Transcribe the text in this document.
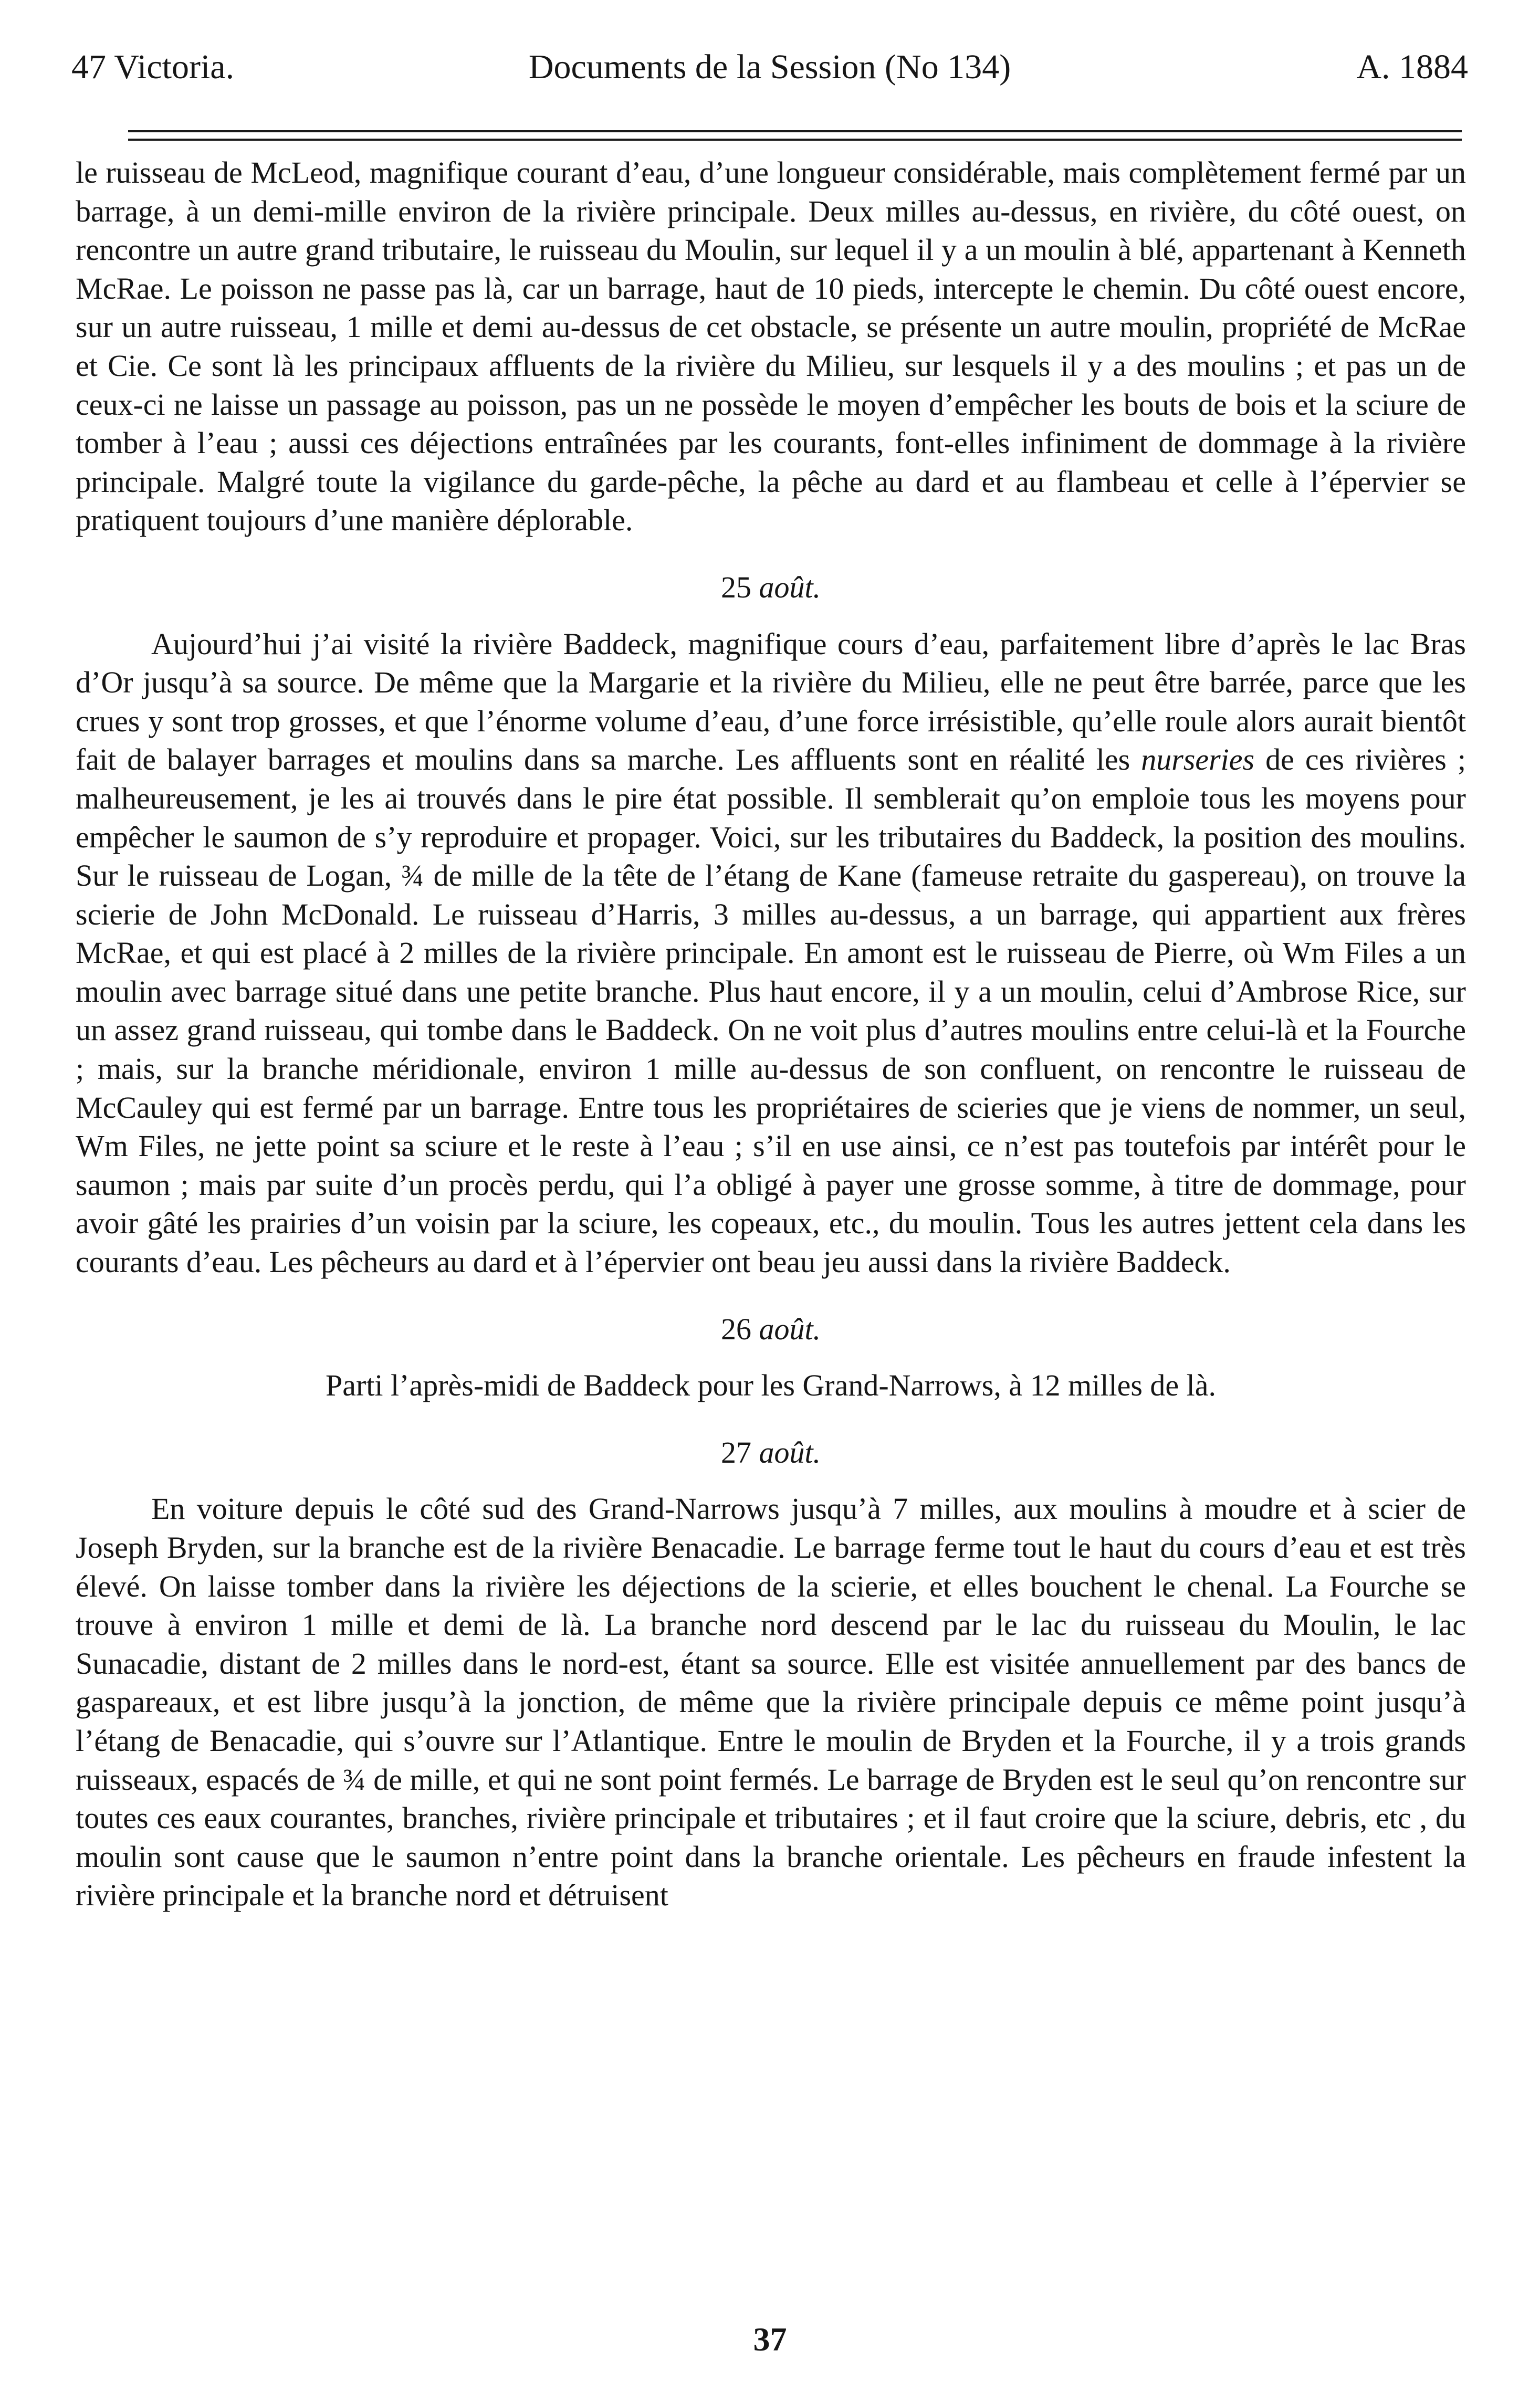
47 Victoria.	Documents de la Session (No 134)	A. 1884

le ruisseau de McLeod, magnifique courant d’eau, d’une longueur considérable, mais complètement fermé par un barrage, à un demi-mille environ de la rivière principale. Deux milles au-dessus, en rivière, du côté ouest, on rencontre un autre grand tributaire, le ruisseau du Moulin, sur lequel il y a un moulin à blé, appartenant à Kenneth McRae. Le poisson ne passe pas là, car un barrage, haut de 10 pieds, intercepte le chemin. Du côté ouest encore, sur un autre ruisseau, 1 mille et demi au-dessus de cet obstacle, se présente un autre moulin, propriété de McRae et Cie. Ce sont là les principaux affluents de la rivière du Milieu, sur lesquels il y a des moulins ; et pas un de ceux-ci ne laisse un passage au poisson, pas un ne possède le moyen d’empêcher les bouts de bois et la sciure de tomber à l’eau ; aussi ces déjections entraînées par les courants, font-elles infiniment de dommage à la rivière principale. Malgré toute la vigilance du garde-pêche, la pêche au dard et au flambeau et celle à l’épervier se pratiquent toujours d’une manière déplorable.

25 août.

Aujourd’hui j’ai visité la rivière Baddeck, magnifique cours d’eau, parfaitement libre d’après le lac Bras d’Or jusqu’à sa source. De même que la Margarie et la rivière du Milieu, elle ne peut être barrée, parce que les crues y sont trop grosses, et que l’énorme volume d’eau, d’une force irrésistible, qu’elle roule alors aurait bientôt fait de balayer barrages et moulins dans sa marche. Les affluents sont en réalité les nurseries de ces rivières ; malheureusement, je les ai trouvés dans le pire état possible. Il semblerait qu’on emploie tous les moyens pour empêcher le saumon de s’y reproduire et propager. Voici, sur les tributaires du Baddeck, la position des moulins. Sur le ruisseau de Logan, ¾ de mille de la tête de l’étang de Kane (fameuse retraite du gaspereau), on trouve la scierie de John McDonald. Le ruisseau d’Harris, 3 milles au-dessus, a un barrage, qui appartient aux frères McRae, et qui est placé à 2 milles de la rivière principale. En amont est le ruisseau de Pierre, où Wm Files a un moulin avec barrage situé dans une petite branche. Plus haut encore, il y a un moulin, celui d’Ambrose Rice, sur un assez grand ruisseau, qui tombe dans le Baddeck. On ne voit plus d’autres moulins entre celui-là et la Fourche ; mais, sur la branche méridionale, environ 1 mille au-dessus de son confluent, on rencontre le ruisseau de McCauley qui est fermé par un barrage. Entre tous les propriétaires de scieries que je viens de nommer, un seul, Wm Files, ne jette point sa sciure et le reste à l’eau ; s’il en use ainsi, ce n’est pas toutefois par intérêt pour le saumon ; mais par suite d’un procès perdu, qui l’a obligé à payer une grosse somme, à titre de dommage, pour avoir gâté les prairies d’un voisin par la sciure, les copeaux, etc., du moulin. Tous les autres jettent cela dans les courants d’eau. Les pêcheurs au dard et à l’épervier ont beau jeu aussi dans la rivière Baddeck.

26 août.

Parti l’après-midi de Baddeck pour les Grand-Narrows, à 12 milles de là.

27 août.

En voiture depuis le côté sud des Grand-Narrows jusqu’à 7 milles, aux moulins à moudre et à scier de Joseph Bryden, sur la branche est de la rivière Benacadie. Le barrage ferme tout le haut du cours d’eau et est très élevé. On laisse tomber dans la rivière les déjections de la scierie, et elles bouchent le chenal. La Fourche se trouve à environ 1 mille et demi de là. La branche nord descend par le lac du ruisseau du Moulin, le lac Sunacadie, distant de 2 milles dans le nord-est, étant sa source. Elle est visitée annuellement par des bancs de gaspareaux, et est libre jusqu’à la jonction, de même que la rivière principale depuis ce même point jusqu’à l’étang de Benacadie, qui s’ouvre sur l’Atlantique. Entre le moulin de Bryden et la Fourche, il y a trois grands ruisseaux, espacés de ¾ de mille, et qui ne sont point fermés. Le barrage de Bryden est le seul qu’on rencontre sur toutes ces eaux courantes, branches, rivière principale et tributaires ; et il faut croire que la sciure, debris, etc , du moulin sont cause que le saumon n’entre point dans la branche orientale. Les pêcheurs en fraude infestent la rivière principale et la branche nord et détruisent

37
